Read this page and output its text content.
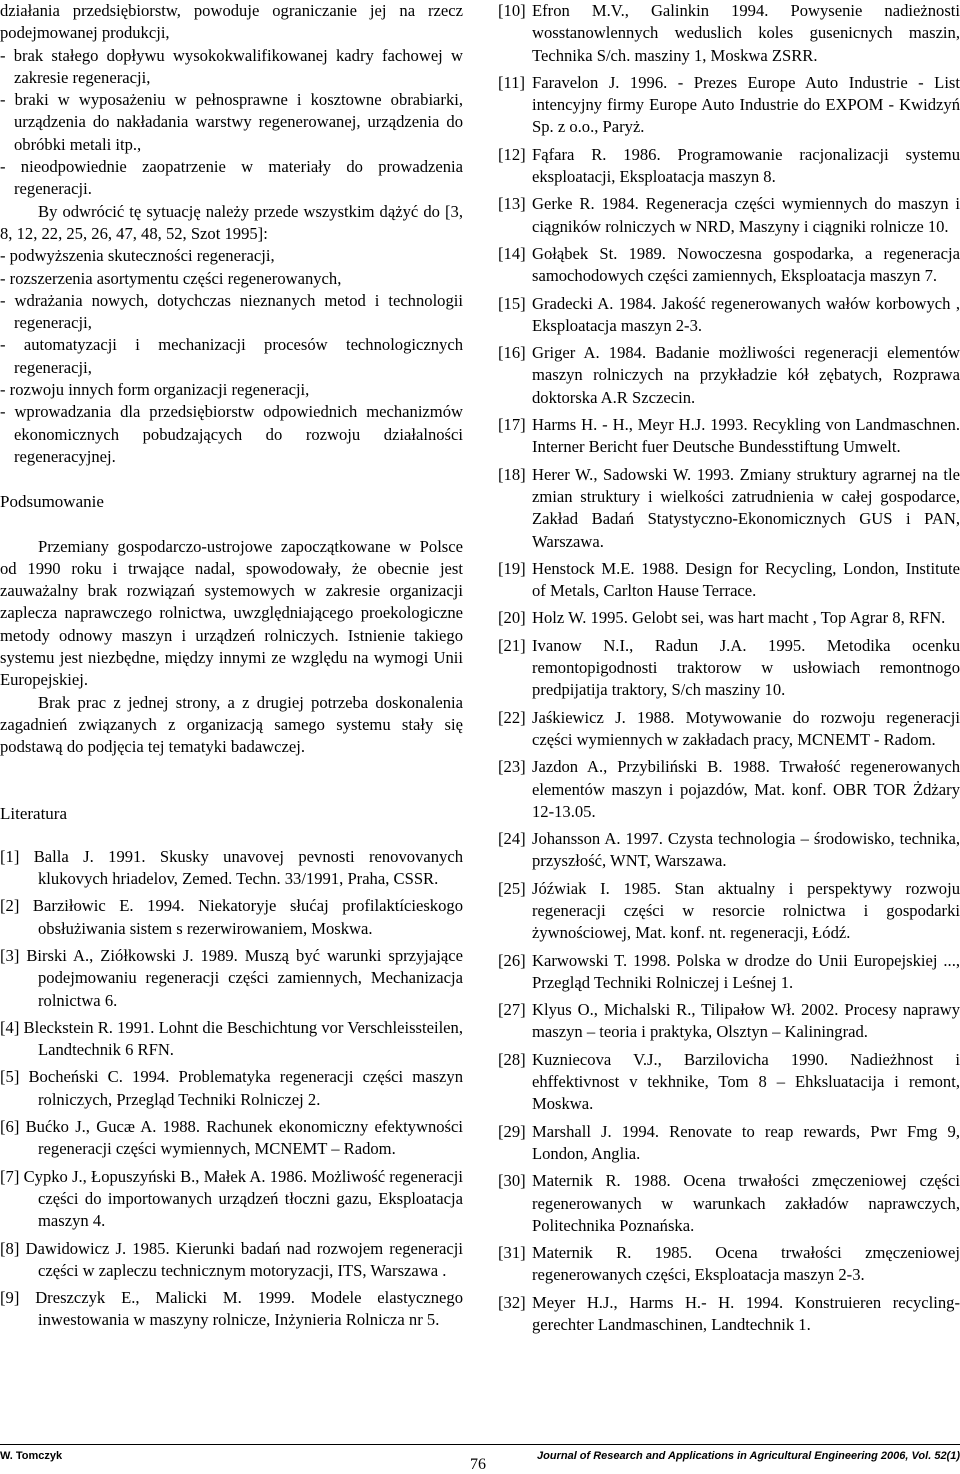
działania przedsiębiorstw, powoduje ograniczanie jej na rzecz podejmowanej produkcji,

- brak stałego dopływu wysokokwalifikowanej kadry fachowej w zakresie regeneracji,

- braki w wyposażeniu w pełnosprawne i kosztowne obrabiarki, urządzenia do nakładania warstwy regenerowanej, urządzenia do obróbki metali itp.,

- nieodpowiednie zaopatrzenie w materiały do prowadzenia regeneracji.

By odwrócić tę sytuację należy przede wszystkim dążyć do [3, 8, 12, 22, 25, 26, 47, 48, 52, Szot 1995]:

- podwyższenia skuteczności regeneracji,

- rozszerzenia asortymentu części regenerowanych,

- wdrażania nowych, dotychczas nieznanych metod i technologii regeneracji,

- automatyzacji i mechanizacji procesów technologicznych regeneracji,

- rozwoju innych form organizacji regeneracji,

- wprowadzania dla przedsiębiorstw odpowiednich mechanizmów ekonomicznych pobudzających do rozwoju działalności regeneracyjnej.

Podsumowanie

Przemiany gospodarczo-ustrojowe zapoczątkowane w Polsce od 1990 roku i trwające nadal, spowodowały, że obecnie jest zauważalny brak rozwiązań systemowych w zakresie organizacji zaplecza naprawczego rolnictwa, uwzględniającego proekologiczne metody odnowy maszyn i urządzeń rolniczych. Istnienie takiego systemu jest niezbędne, między innymi ze względu na wymogi Unii Europejskiej.

Brak prac z jednej strony, a z drugiej potrzeba doskonalenia zagadnień związanych z organizacją samego systemu stały się podstawą do podjęcia tej tematyki badawczej.

Literatura

[1] Balla J. 1991. Skusky unavovej pevnosti renovovanych klukovych hriadelov, Zemed. Techn. 33/1991, Praha, CSSR.

[2] Barziłowic E. 1994. Niekatoryje słućaj profilaktícieskogo obsłużiwania sistem s rezerwirowaniem, Moskwa.

[3] Birski A., Ziółkowski J. 1989. Muszą być warunki sprzyjające podejmowaniu regeneracji części zamiennych, Mechanizacja rolnictwa 6.

[4] Bleckstein R. 1991. Lohnt die Beschichtung vor Verschleissteilen, Landtechnik 6 RFN.

[5] Bocheński C. 1994. Problematyka regeneracji części maszyn rolniczych, Przegląd Techniki Rolniczej 2.

[6] Bućko J., Gucæ A. 1988. Rachunek ekonomiczny efektywności regeneracji części wymiennych, MCNEMT – Radom.

[7] Cypko J., Łopuszyński B., Małek A. 1986. Możliwość regeneracji części do importowanych urządzeń tłoczni gazu, Eksploatacja maszyn 4.

[8] Dawidowicz J. 1985. Kierunki badań nad rozwojem regeneracji części w zapleczu technicznym motoryzacji, ITS, Warszawa .

[9] Dreszczyk E., Malicki M. 1999. Modele elastycznego inwestowania w maszyny rolnicze, Inżynieria Rolnicza nr 5.

[10] Efron M.V., Galinkin 1994. Powysenie nadieżnosti wosstanowlennych weduslich koles gusenicnych maszin, Technika S/ch. masziny 1, Moskwa ZSRR.

[11] Faravelon J. 1996. - Prezes Europe Auto Industrie - List intencyjny firmy Europe Auto Industrie do EXPOM - Kwidzyń Sp. z o.o., Paryż.

[12] Fąfara R. 1986. Programowanie racjonalizacji systemu eksploatacji, Eksploatacja maszyn 8.

[13] Gerke R. 1984. Regeneracja części wymiennych do maszyn i ciągników rolniczych w NRD, Maszyny i ciągniki rolnicze 10.

[14] Gołąbek St. 1989. Nowoczesna gospodarka, a regeneracja samochodowych części zamiennych, Eksploatacja maszyn 7.

[15] Gradecki A. 1984. Jakość regenerowanych wałów korbowych , Eksploatacja maszyn 2-3.

[16] Griger A. 1984. Badanie możliwości regeneracji elementów maszyn rolniczych na przykładzie kół zębatych, Rozprawa doktorska A.R Szczecin.

[17] Harms H. - H., Meyr H.J. 1993. Recykling von Landmaschnen. Interner Bericht fuer Deutsche Bundesstiftung Umwelt.

[18] Herer W., Sadowski W. 1993. Zmiany struktury agrarnej na tle zmian struktury i wielkości zatrudnienia w całej gospodarce, Zakład Badań Statystyczno-Ekonomicznych GUS i PAN, Warszawa.

[19] Henstock M.E. 1988. Design for Recycling, London, Institute of Metals, Carlton Hause Terrace.

[20] Holz W. 1995. Gelobt sei, was hart macht , Top Agrar 8, RFN.

[21] Ivanow N.I., Radun J.A. 1995. Metodika ocenku remontopigodnosti traktorow w usłowiach remontnogo predpijatija traktory, S/ch masziny 10.

[22] Jaśkiewicz J. 1988. Motywowanie do rozwoju regeneracji części wymiennych w zakładach pracy, MCNEMT - Radom.

[23] Jazdon A., Przybiliński B. 1988. Trwałość regenerowanych elementów maszyn i pojazdów, Mat. konf. OBR TOR Żdżary 12-13.05.

[24] Johansson A. 1997. Czysta technologia – środowisko, technika, przyszłość, WNT, Warszawa.

[25] Jóźwiak I. 1985. Stan aktualny i perspektywy rozwoju regeneracji części w resorcie rolnictwa i gospodarki żywnościowej, Mat. konf. nt. regeneracji, Łódź.

[26] Karwowski T. 1998. Polska w drodze do Unii Europejskiej ..., Przegląd Techniki Rolniczej i Leśnej 1.

[27] Klyus O., Michalski R., Tilipałow Wł. 2002. Procesy naprawy maszyn – teoria i praktyka, Olsztyn – Kaliningrad.

[28] Kuzniecova V.J., Barzilovicha 1990. Nadieżhnost i ehffektivnost v tekhnike, Tom 8 – Ehksluatacija i remont, Moskwa.

[29] Marshall J. 1994. Renovate to reap rewards, Pwr Fmg 9, London, Anglia.

[30] Maternik R. 1988. Ocena trwałości zmęczeniowej części regenerowanych w warunkach zakładów naprawczych, Politechnika Poznańska.

[31] Maternik R. 1985. Ocena trwałości zmęczeniowej regenerowanych części, Eksploatacja maszyn 2-3.

[32] Meyer H.J., Harms H.- H. 1994. Konstruieren recyclinggerechter Landmaschinen, Landtechnik 1.

W. Tomczyk	76	Journal of Research and Applications in Agricultural Engineering 2006, Vol. 52(1)
